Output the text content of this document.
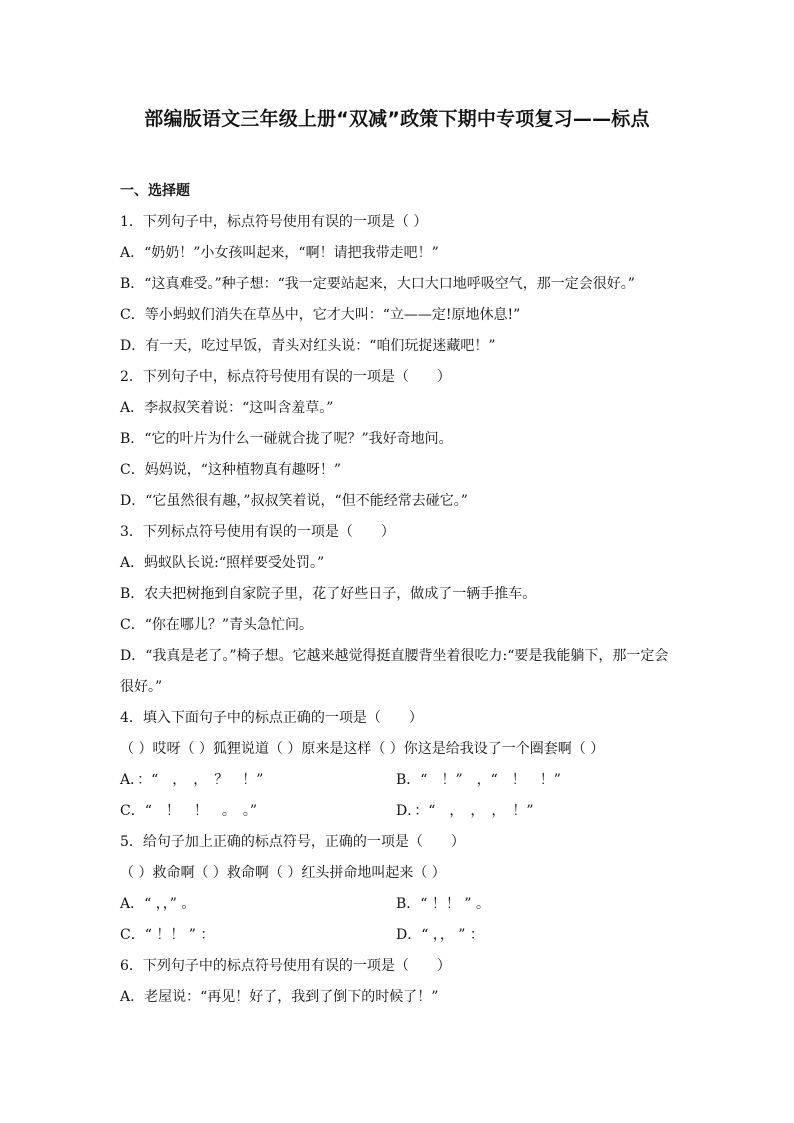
部编版语文三年级上册“双减”政策下期中专项复习——标点
一、选择题
1．下列句子中，标点符号使用有误的一项是（ ）
A．“奶奶！”小女孩叫起来，“啊！请把我带走吧！”
B．“这真难受。”种子想：“我一定要站起来，大口大口地呼吸空气，那一定会很好。”
C．等小蚂蚁们消失在草丛中，它才大叫：“立——定!原地休息!”
D．有一天，吃过早饭，青头对红头说：“咱们玩捉迷藏吧！”
2．下列句子中，标点符号使用有误的一项是（　　）
A．李叔叔笑着说：“这叫含羞草。”
B．“它的叶片为什么一碰就合拢了呢？”我好奇地问。
C．妈妈说，“这种植物真有趣呀！”
D．“它虽然很有趣，”叔叔笑着说，“但不能经常去碰它。”
3．下列标点符号使用有误的一项是（　　）
A．蚂蚁队长说:“照样要受处罚。”
B．农夫把树拖到自家院子里，花了好些日子，做成了一辆手推车。
C．“你在哪儿？”青头急忙问。
D．“我真是老了。”椅子想。它越来越觉得挺直腰背坐着很吃力:“要是我能躺下，那一定会
很好。”
4．填入下面句子中的标点正确的一项是（　　）
（ ）哎呀（ ）狐狸说道（ ）原来是这样（ ）你这是给我设了一个圈套啊（ ）
A．：“　，　，　？　！”	B．“　！”　，“　！　！”
C．“　！　！　。　。”	D．：“　，　，　，　！”
5．给句子加上正确的标点符号，正确的一项是（　　）
（ ）救命啊（ ）救命啊（ ）红头拼命地叫起来（ ）
A．“ ，，” 。	B．“ ！！ ” 。
C．“ ！！ ” ：	D．“ ，， ” ：
6．下列句子中的标点符号使用有误的一项是（　　）
A．老屋说：“再见！好了，我到了倒下的时候了！”
